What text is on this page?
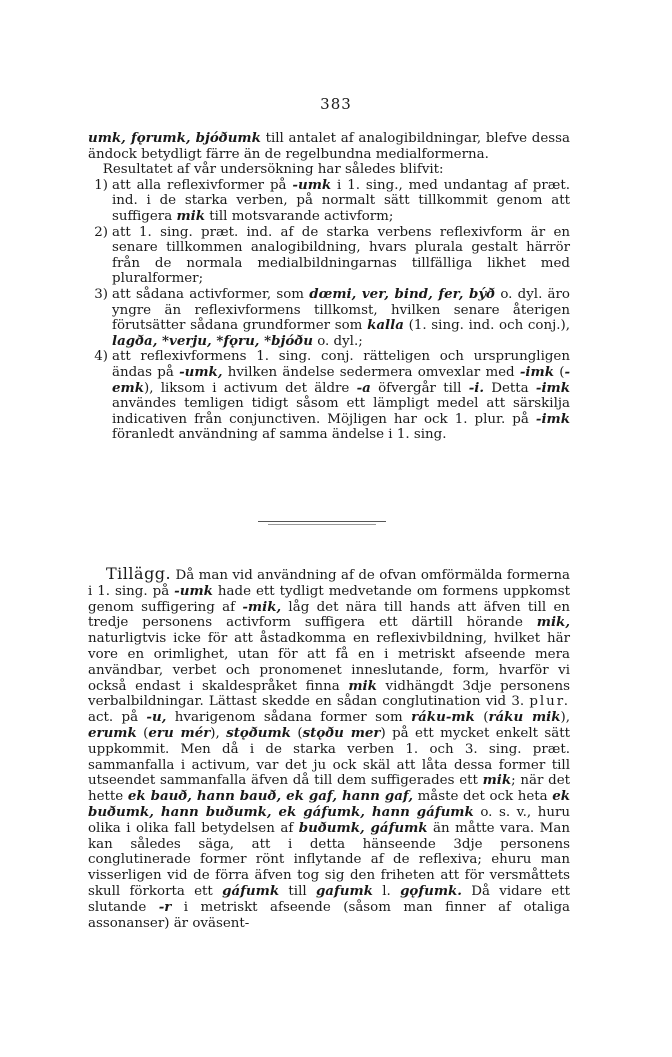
383

umk, fǫrumk, bjóðumk till antalet af analogibildningar, blefve dessa ändock betydligt färre än de regelbundna medialformerna.

Resultatet af vår undersökning har således blifvit:

1) att alla reflexivformer på -umk i 1. sing., med undantag af præt. ind. i de starka verben, på normalt sätt tillkommit genom att suffigera mik till motsvarande activform;
2) att 1. sing. præt. ind. af de starka verbens reflexivform är en senare tillkommen analogibildning, hvars plurala gestalt härrör från de normala medialbildningarnas tillfälliga likhet med pluralformer;
3) att sådana activformer, som dœmi, ver, bind, fer, býð o. dyl. äro yngre än reflexivformens tillkomst, hvilken senare återigen förutsätter sådana grundformer som kalla (1. sing. ind. och conj.), lagða, *verju, *fǫru, *bjóðu o. dyl.;
4) att reflexivformens 1. sing. conj. rätteligen och ursprungligen ändas på -umk, hvilken ändelse sedermera omvexlar med -imk (-emk), liksom i activum det äldre -a öfvergår till -i. Detta -imk användes temligen tidigt såsom ett lämpligt medel att särskilja indicativen från conjunctiven. Möjligen har ock 1. plur. på -imk föranledt användning af samma ändelse i 1. sing.

Tillägg. Då man vid användning af de ofvan omförmälda formerna i 1. sing. på -umk hade ett tydligt medvetande om formens uppkomst genom suffigering af -mik, låg det nära till hands att äfven till en tredje personens activform suffigera ett därtill hörande mik, naturligtvis icke för att åstadkomma en reflexivbildning, hvilket här vore en orimlighet, utan för att få en i metriskt afseende mera användbar, verbet och pronomenet inneslutande, form, hvarför vi också endast i skaldespråket finna mik vidhängdt 3dje personens verbalbildningar. Lättast skedde en sådan conglutination vid 3. plur. act. på -u, hvarigenom sådana former som ráku-mk (ráku mik), erumk (eru mér), stǫðumk (stǫðu mer) på ett mycket enkelt sätt uppkommit. Men då i de starka verben 1. och 3. sing. præt. sammanfalla i activum, var det ju ock skäl att låta dessa former till utseendet sammanfalla äfven då till dem suffigerades ett mik; när det hette ek bauð, hann bauð, ek gaf, hann gaf, måste det ock heta ek buðumk, hann buðumk, ek gáfumk, hann gáfumk o. s. v., huru olika i olika fall betydelsen af buðumk, gáfumk än måtte vara. Man kan således säga, att i detta hänseende 3dje personens conglutinerade former rönt inflytande af de reflexiva; ehuru man visserligen vid de förra äfven tog sig den friheten att för versmåttets skull förkorta ett gáfumk till gafumk l. gǫfumk. Då vidare ett slutande -r i metriskt afseende (såsom man finner af otaliga assonanser) är oväsent-
